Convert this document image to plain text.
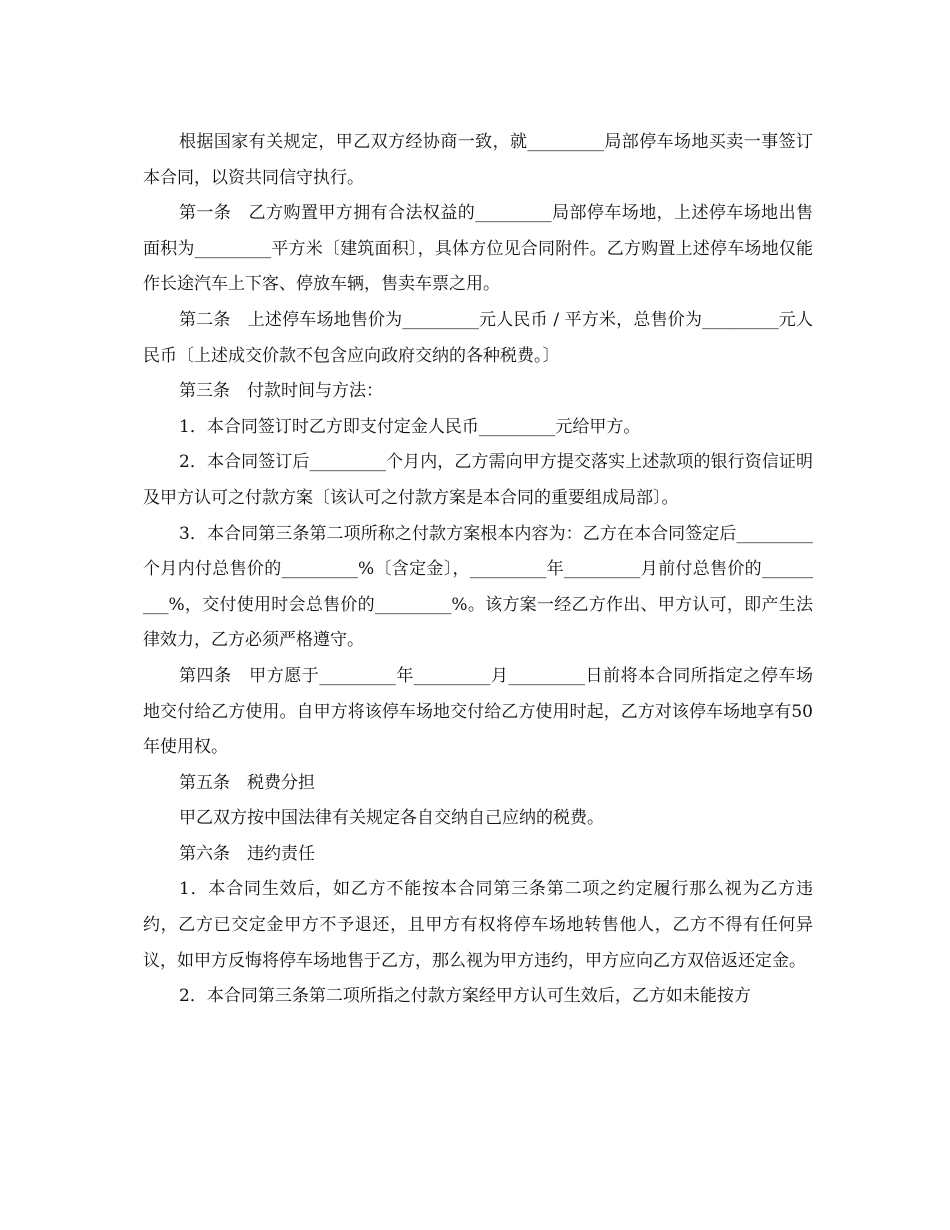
根据国家有关规定，甲乙双方经协商一致，就_________局部停车场地买卖一事签订本合同，以资共同信守执行。

第一条　乙方购置甲方拥有合法权益的_________局部停车场地，上述停车场地出售面积为_________平方米〔建筑面积〕，具体方位见合同附件。乙方购置上述停车场地仅能作长途汽车上下客、停放车辆，售卖车票之用。

第二条　上述停车场地售价为_________元人民币 / 平方米，总售价为_________元人民币〔上述成交价款不包含应向政府交纳的各种税费。〕

第三条　付款时间与方法：

1．本合同签订时乙方即支付定金人民币_________元给甲方。

2．本合同签订后_________个月内，乙方需向甲方提交落实上述款项的银行资信证明及甲方认可之付款方案〔该认可之付款方案是本合同的重要组成局部〕。

3．本合同第三条第二项所称之付款方案根本内容为：乙方在本合同签定后_________个月内付总售价的_________%〔含定金〕，_________年_________月前付总售价的_________%，交付使用时会总售价的_________%。该方案一经乙方作出、甲方认可，即产生法律效力，乙方必须严格遵守。

第四条　甲方愿于_________年_________月_________日前将本合同所指定之停车场地交付给乙方使用。自甲方将该停车场地交付给乙方使用时起，乙方对该停车场地享有50年使用权。

第五条　税费分担

甲乙双方按中国法律有关规定各自交纳自己应纳的税费。

第六条　违约责任

1．本合同生效后，如乙方不能按本合同第三条第二项之约定履行那么视为乙方违约，乙方已交定金甲方不予退还，且甲方有权将停车场地转售他人，乙方不得有任何异议，如甲方反悔将停车场地售于乙方，那么视为甲方违约，甲方应向乙方双倍返还定金。

2．本合同第三条第二项所指之付款方案经甲方认可生效后，乙方如未能按方
